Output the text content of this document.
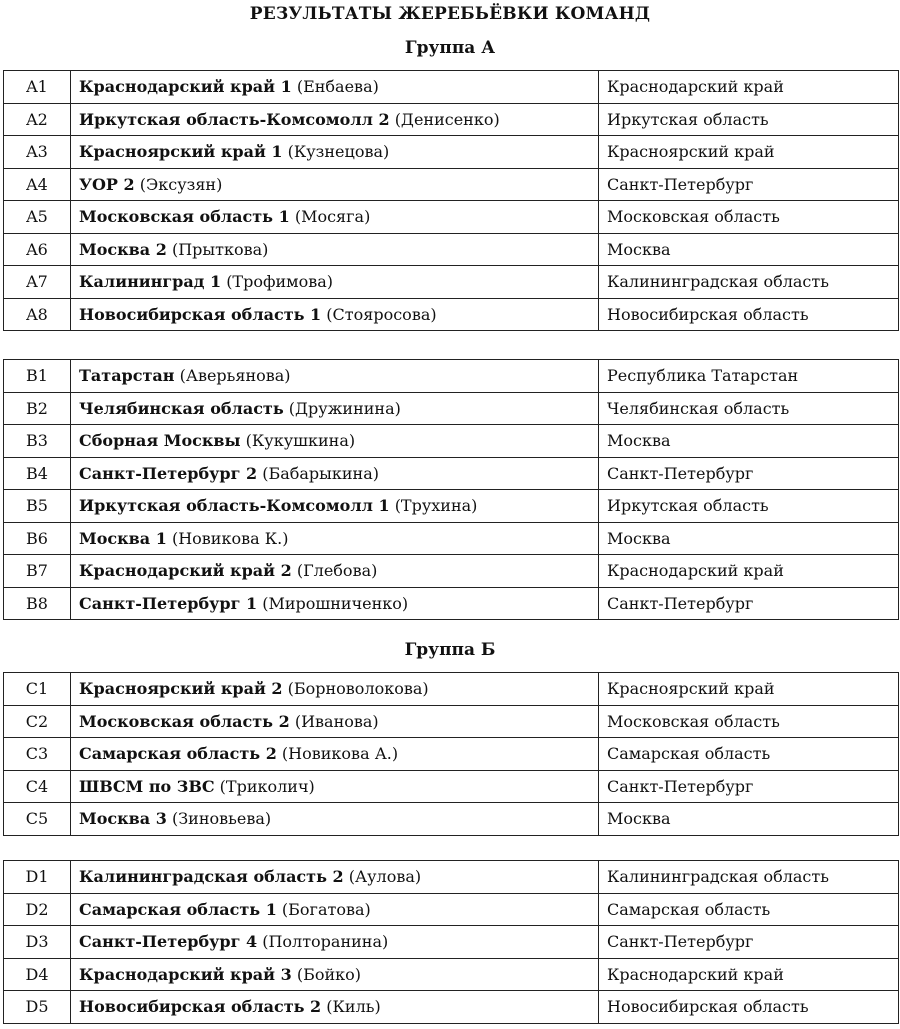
РЕЗУЛЬТАТЫ ЖЕРЕБЬЁВКИ КОМАНД
Группа А
A1	Краснодарский край 1 (Енбаева)	Краснодарский край
A2	Иркутская область-Комсомолл 2 (Денисенко)	Иркутская область
A3	Красноярский край 1 (Кузнецова)	Красноярский край
A4	УОР 2 (Эксузян)	Санкт-Петербург
A5	Московская область 1 (Мосяга)	Московская область
A6	Москва 2 (Прыткова)	Москва
A7	Калининград 1 (Трофимова)	Калининградская область
A8	Новосибирская область 1 (Стояросова)	Новосибирская область
B1	Татарстан (Аверьянова)	Республика Татарстан
B2	Челябинская область (Дружинина)	Челябинская область
B3	Сборная Москвы (Кукушкина)	Москва
B4	Санкт-Петербург 2 (Бабарыкина)	Санкт-Петербург
B5	Иркутская область-Комсомолл 1 (Трухина)	Иркутская область
B6	Москва 1 (Новикова К.)	Москва
B7	Краснодарский край 2 (Глебова)	Краснодарский край
B8	Санкт-Петербург 1 (Мирошниченко)	Санкт-Петербург
Группа Б
C1	Красноярский край 2 (Борноволокова)	Красноярский край
C2	Московская область 2 (Иванова)	Московская область
C3	Самарская область 2 (Новикова А.)	Самарская область
C4	ШВСМ по ЗВС (Триколич)	Санкт-Петербург
C5	Москва 3 (Зиновьева)	Москва
D1	Калининградская область 2 (Аулова)	Калининградская область
D2	Самарская область 1 (Богатова)	Самарская область
D3	Санкт-Петербург 4 (Полторанина)	Санкт-Петербург
D4	Краснодарский край 3 (Бойко)	Краснодарский край
D5	Новосибирская область 2 (Киль)	Новосибирская область
